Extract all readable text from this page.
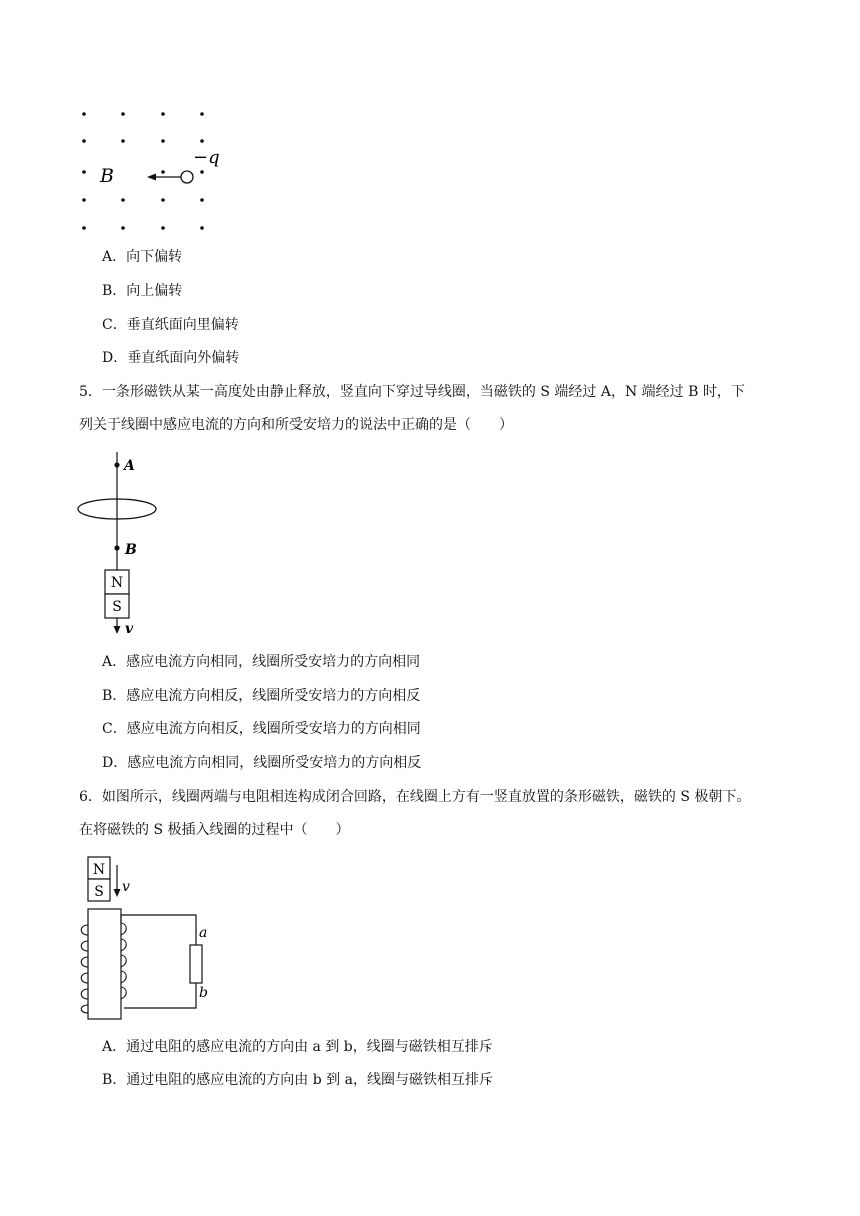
B
−q
A．向下偏转
B．向上偏转
C．垂直纸面向里偏转
D．垂直纸面向外偏转
5．一条形磁铁从某一高度处由静止释放，竖直向下穿过导线圈，当磁铁的 S 端经过 A，N 端经过 B 时，下
列关于线圈中感应电流的方向和所受安培力的说法中正确的是（　　）
A
B
N
S
v
A．感应电流方向相同，线圈所受安培力的方向相同
B．感应电流方向相反，线圈所受安培力的方向相反
C．感应电流方向相反，线圈所受安培力的方向相同
D．感应电流方向相同，线圈所受安培力的方向相反
6．如图所示，线圈两端与电阻相连构成闭合回路，在线圈上方有一竖直放置的条形磁铁，磁铁的 S 极朝下。
在将磁铁的 S 极插入线圈的过程中（　　）
N
S v
a
b
A．通过电阻的感应电流的方向由 a 到 b，线圈与磁铁相互排斥
B．通过电阻的感应电流的方向由 b 到 a，线圈与磁铁相互排斥
